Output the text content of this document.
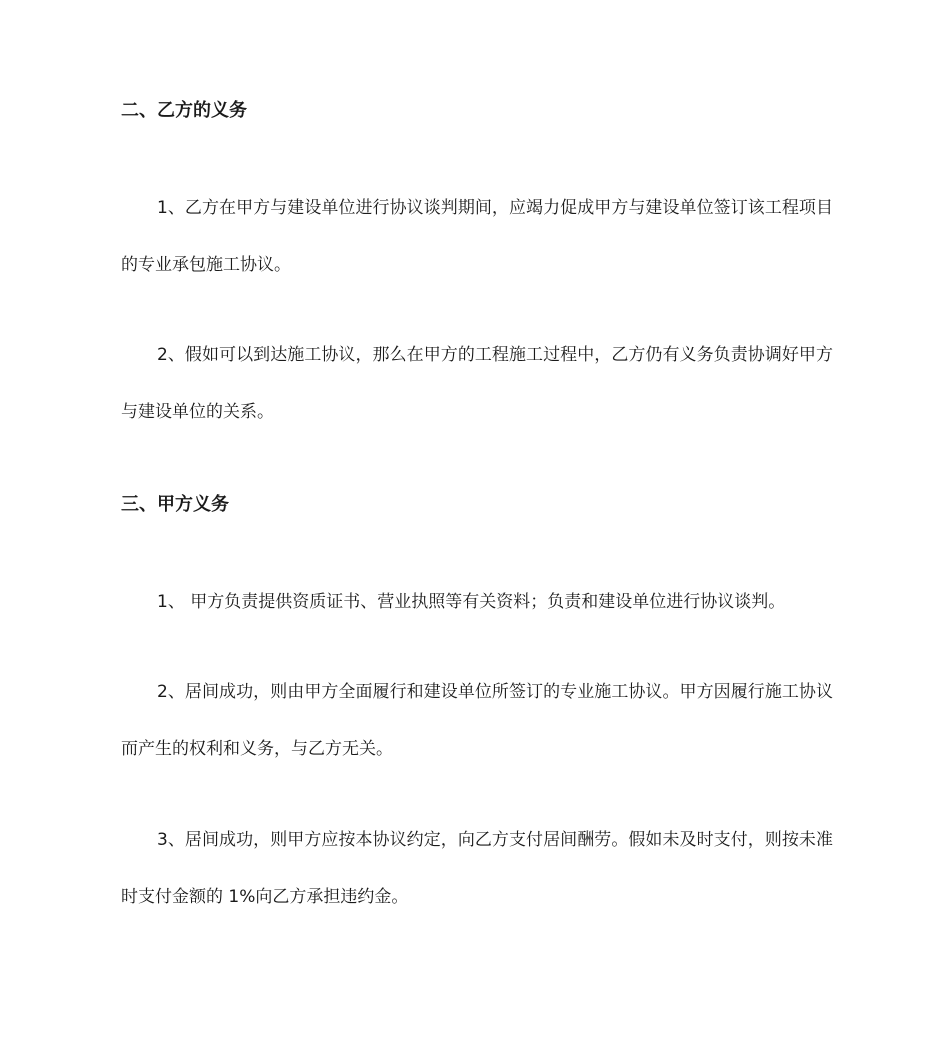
二、乙方的义务

1、乙方在甲方与建设单位进行协议谈判期间，应竭力促成甲方与建设单位签订该工程项目的专业承包施工协议。

2、假如可以到达施工协议，那么在甲方的工程施工过程中，乙方仍有义务负责协调好甲方与建设单位的关系。

三、甲方义务

1、 甲方负责提供资质证书、营业执照等有关资料；负责和建设单位进行协议谈判。

2、居间成功，则由甲方全面履行和建设单位所签订的专业施工协议。甲方因履行施工协议而产生的权利和义务，与乙方无关。

3、居间成功，则甲方应按本协议约定，向乙方支付居间酬劳。假如未及时支付，则按未准时支付金额的 1%向乙方承担违约金。
